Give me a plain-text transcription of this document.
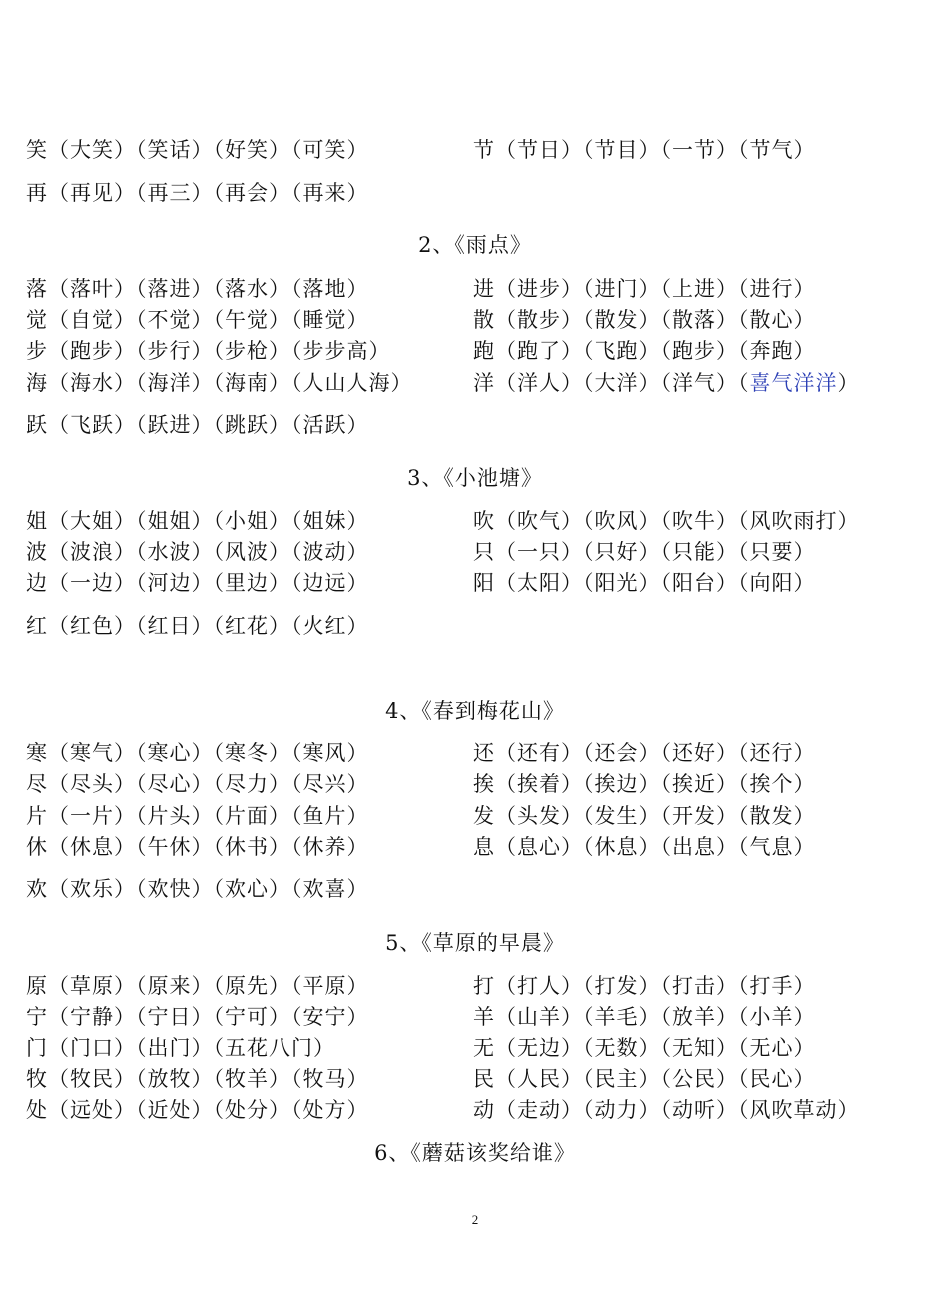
笑（大笑）（笑话）（好笑）（可笑）	节（节日）（节目）（一节）（节气）
再（再见）（再三）（再会）（再来）
2、《雨点》
落（落叶）（落进）（落水）（落地）	进（进步）（进门）（上进）（进行）
觉（自觉）（不觉）（午觉）（睡觉）	散（散步）（散发）（散落）（散心）
步（跑步）（步行）（步枪）（步步高）	跑（跑了）（飞跑）（跑步）（奔跑）
海（海水）（海洋）（海南）（人山人海）	洋（洋人）（大洋）（洋气）（喜气洋洋）
跃（飞跃）（跃进）（跳跃）（活跃）
3、《小池塘》
姐（大姐）（姐姐）（小姐）（姐妹）	吹（吹气）（吹风）（吹牛）（风吹雨打）
波（波浪）（水波）（风波）（波动）	只（一只）（只好）（只能）（只要）
边（一边）（河边）（里边）（边远）	阳（太阳）（阳光）（阳台）（向阳）
红（红色）（红日）（红花）（火红）
4、《春到梅花山》
寒（寒气）（寒心）（寒冬）（寒风）	还（还有）（还会）（还好）（还行）
尽（尽头）（尽心）（尽力）（尽兴）	挨（挨着）（挨边）（挨近）（挨个）
片（一片）（片头）（片面）（鱼片）	发（头发）（发生）（开发）（散发）
休（休息）（午休）（休书）（休养）	息（息心）（休息）（出息）（气息）
欢（欢乐）（欢快）（欢心）（欢喜）
5、《草原的早晨》
原（草原）（原来）（原先）（平原）	打（打人）（打发）（打击）（打手）
宁（宁静）（宁日）（宁可）（安宁）	羊（山羊）（羊毛）（放羊）（小羊）
门（门口）（出门）（五花八门）	无（无边）（无数）（无知）（无心）
牧（牧民）（放牧）（牧羊）（牧马）	民（人民）（民主）（公民）（民心）
处（远处）（近处）（处分）（处方）	动（走动）（动力）（动听）（风吹草动）
6、《蘑菇该奖给谁》
2
